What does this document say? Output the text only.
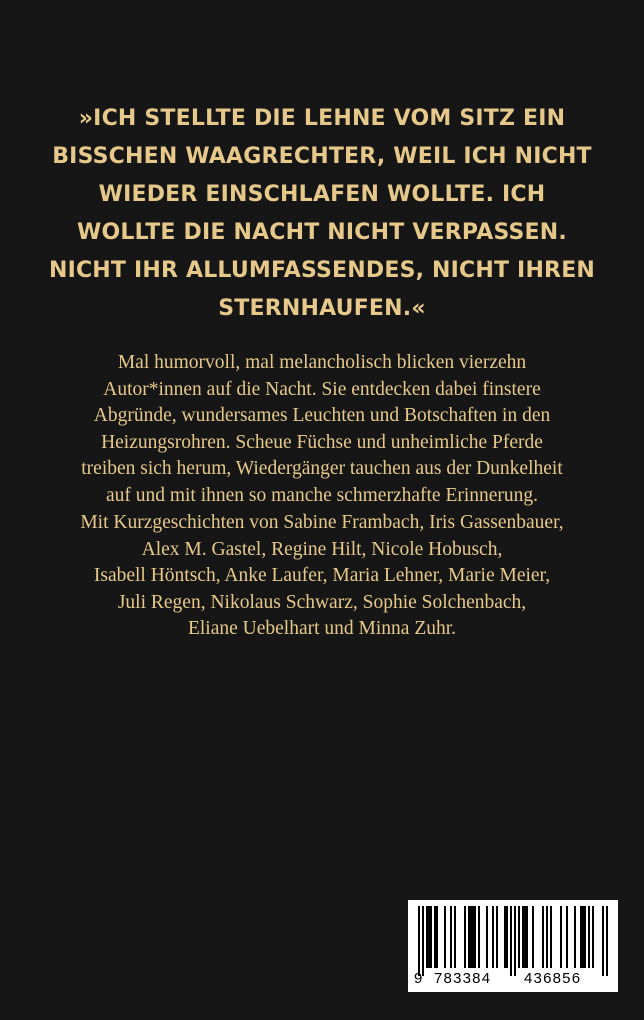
»ICH STELLTE DIE LEHNE VOM SITZ EIN
BISSCHEN WAAGRECHTER, WEIL ICH NICHT
WIEDER EINSCHLAFEN WOLLTE. ICH
WOLLTE DIE NACHT NICHT VERPASSEN.
NICHT IHR ALLUMFASSENDES, NICHT IHREN
STERNHAUFEN.«
Mal humorvoll, mal melancholisch blicken vierzehn
Autor*innen auf die Nacht. Sie entdecken dabei finstere
Abgründe, wundersames Leuchten und Botschaften in den
Heizungsrohren. Scheue Füchse und unheimliche Pferde
treiben sich herum, Wiedergänger tauchen aus der Dunkelheit
auf und mit ihnen so manche schmerzhafte Erinnerung.
Mit Kurzgeschichten von Sabine Frambach, Iris Gassenbauer,
Alex M. Gastel, Regine Hilt, Nicole Hobusch,
Isabell Höntsch, Anke Laufer, Maria Lehner, Marie Meier,
Juli Regen, Nikolaus Schwarz, Sophie Solchenbach,
Eliane Uebelhart und Minna Zuhr.
9 783384 436856
